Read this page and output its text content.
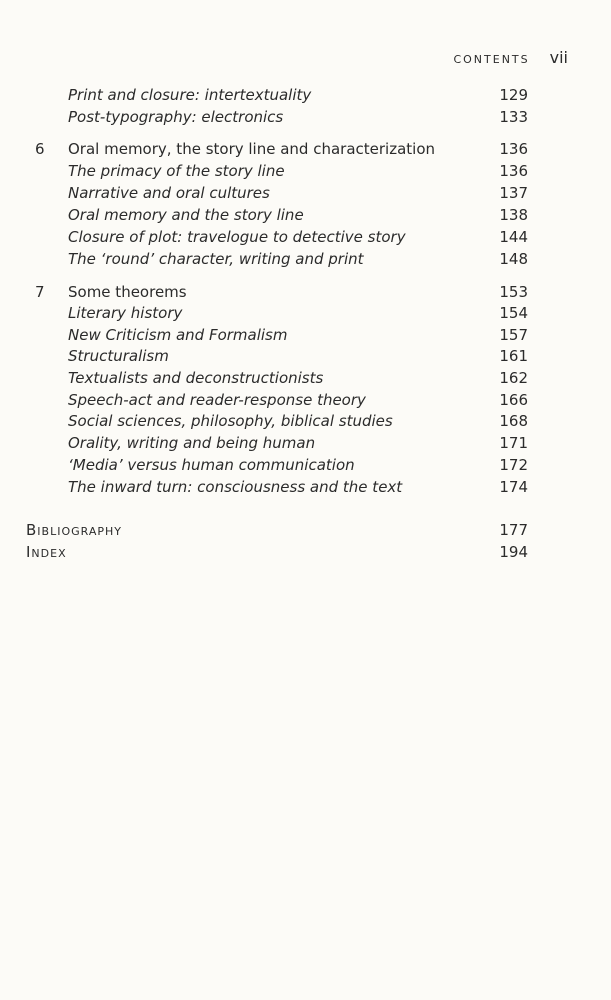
CONTENTS vii
Print and closure: intertextuality	129
Post-typography: electronics	133
6 Oral memory, the story line and characterization	136
The primacy of the story line	136
Narrative and oral cultures	137
Oral memory and the story line	138
Closure of plot: travelogue to detective story	144
The ‘round’ character, writing and print	148
7 Some theorems	153
Literary history	154
New Criticism and Formalism	157
Structuralism	161
Textualists and deconstructionists	162
Speech-act and reader-response theory	166
Social sciences, philosophy, biblical studies	168
Orality, writing and being human	171
‘Media’ versus human communication	172
The inward turn: consciousness and the text	174
Bibliography	177
Index	194
